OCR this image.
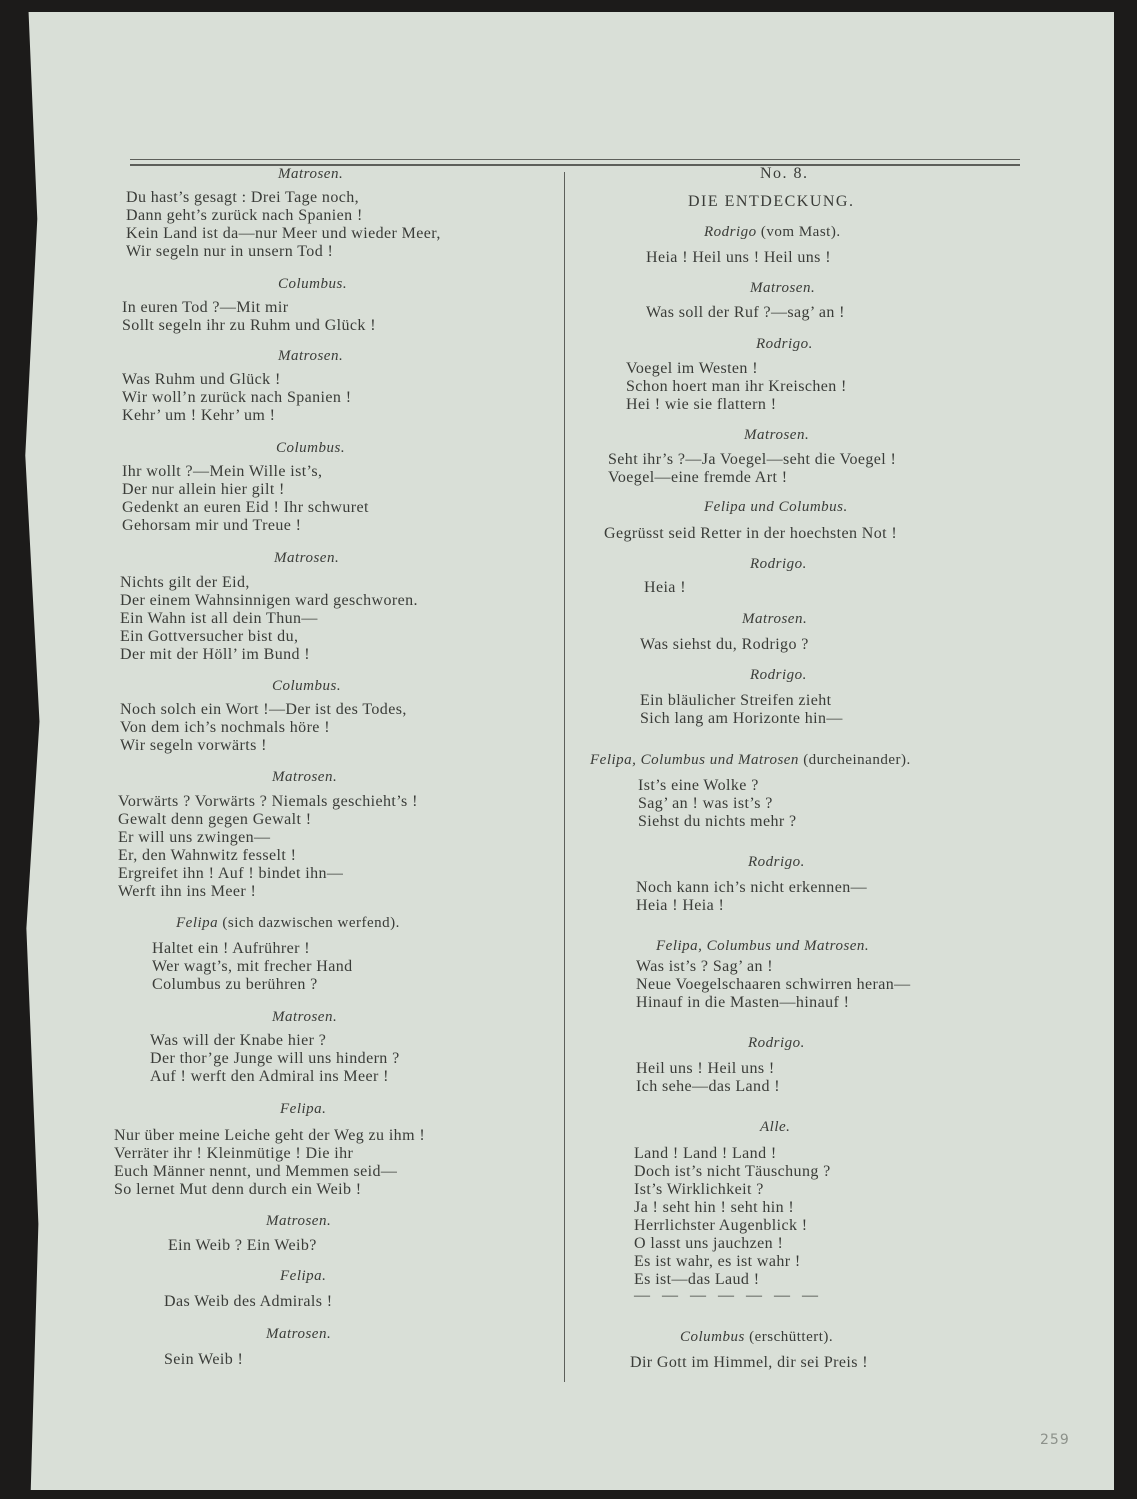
Matrosen.
Du hast’s gesagt : Drei Tage noch,
Dann geht’s zurück nach Spanien !
Kein Land ist da—nur Meer und wieder Meer,
Wir segeln nur in unsern Tod !
Columbus.
In euren Tod ?—Mit mir
Sollt segeln ihr zu Ruhm und Glück !
Matrosen.
Was Ruhm und Glück !
Wir woll’n zurück nach Spanien !
Kehr’ um ! Kehr’ um !
Columbus.
Ihr wollt ?—Mein Wille ist’s,
Der nur allein hier gilt !
Gedenkt an euren Eid ! Ihr schwuret
Gehorsam mir und Treue !
Matrosen.
Nichts gilt der Eid,
Der einem Wahnsinnigen ward geschworen.
Ein Wahn ist all dein Thun—
Ein Gottversucher bist du,
Der mit der Höll’ im Bund !
Columbus.
Noch solch ein Wort !—Der ist des Todes,
Von dem ich’s nochmals höre !
Wir segeln vorwärts !
Matrosen.
Vorwärts ? Vorwärts ? Niemals geschieht’s !
Gewalt denn gegen Gewalt !
Er will uns zwingen—
Er, den Wahnwitz fesselt !
Ergreifet ihn ! Auf ! bindet ihn—
Werft ihn ins Meer !
Felipa (sich dazwischen werfend).
Haltet ein ! Aufrührer !
Wer wagt’s, mit frecher Hand
Columbus zu berühren ?
Matrosen.
Was will der Knabe hier ?
Der thor’ge Junge will uns hindern ?
Auf ! werft den Admiral ins Meer !
Felipa.
Nur über meine Leiche geht der Weg zu ihm !
Verräter ihr ! Kleinmütige ! Die ihr
Euch Männer nennt, und Memmen seid—
So lernet Mut denn durch ein Weib !
Matrosen.
Ein Weib ? Ein Weib?
Felipa.
Das Weib des Admirals !
Matrosen.
Sein Weib !
No. 8.
DIE ENTDECKUNG.
Rodrigo (vom Mast).
Heia ! Heil uns ! Heil uns !
Matrosen.
Was soll der Ruf ?—sag’ an !
Rodrigo.
Voegel im Westen !
Schon hoert man ihr Kreischen !
Hei ! wie sie flattern !
Matrosen.
Seht ihr’s ?—Ja Voegel—seht die Voegel !
Voegel—eine fremde Art !
Felipa und Columbus.
Gegrüsst seid Retter in der hoechsten Not !
Rodrigo.
Heia !
Matrosen.
Was siehst du, Rodrigo ?
Rodrigo.
Ein bläulicher Streifen zieht
Sich lang am Horizonte hin—
Felipa, Columbus und Matrosen (durcheinander).
Ist’s eine Wolke ?
Sag’ an ! was ist’s ?
Siehst du nichts mehr ?
Rodrigo.
Noch kann ich’s nicht erkennen—
Heia ! Heia !
Felipa, Columbus und Matrosen.
Was ist’s ? Sag’ an !
Neue Voegelschaaren schwirren heran—
Hinauf in die Masten—hinauf !
Rodrigo.
Heil uns ! Heil uns !
Ich sehe—das Land !
Alle.
Land ! Land ! Land !
Doch ist’s nicht Täuschung ?
Ist’s Wirklichkeit ?
Ja ! seht hin ! seht hin !
Herrlichster Augenblick !
O lasst uns jauchzen !
Es ist wahr, es ist wahr !
Es ist—das Laud !
— — — — — — —
Columbus (erschüttert).
Dir Gott im Himmel, dir sei Preis !
259
